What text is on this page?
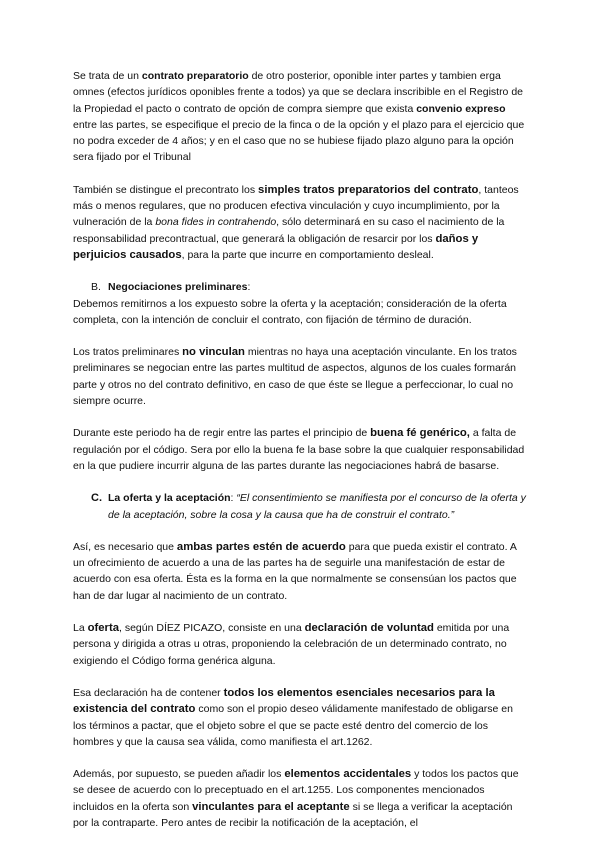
Se trata de un contrato preparatorio de otro posterior, oponible inter partes y tambien erga omnes (efectos jurídicos oponibles frente a todos) ya que se declara inscribible en el Registro de la Propiedad el pacto o contrato de opción de compra siempre que exista convenio expreso entre las partes, se especifique el precio de la finca o de la opción y el plazo para el ejercicio que no podra exceder de 4 años; y en el caso que no se hubiese fijado plazo alguno para la opción sera fijado por el Tribunal

También se distingue el precontrato los simples tratos preparatorios del contrato, tanteos más o menos regulares, que no producen efectiva vinculación y cuyo incumplimiento, por la vulneración de la bona fides in contrahendo, sólo determinará en su caso el nacimiento de la responsabilidad precontractual, que generará la obligación de resarcir por los daños y perjuicios causados, para la parte que incurre en comportamiento desleal.

B. Negociaciones preliminares:

Debemos remitirnos a los expuesto sobre la oferta y la aceptación; consideración de la oferta completa, con la intención de concluir el contrato, con fijación de término de duración.

Los tratos preliminares no vinculan mientras no haya una aceptación vinculante. En los tratos preliminares se negocian entre las partes multitud de aspectos, algunos de los cuales formarán parte y otros no del contrato definitivo, en caso de que éste se llegue a perfeccionar, lo cual no siempre ocurre.

Durante este periodo ha de regir entre las partes el principio de buena fé genérico, a falta de regulación por el código. Sera por ello la buena fe la base sobre la que cualquier responsabilidad en la que pudiere incurrir alguna de las partes durante las negociaciones habrá de basarse.

C. La oferta y la aceptación: “El consentimiento se manifiesta por el concurso de la oferta y de la aceptación, sobre la cosa y la causa que ha de construir el contrato.”

Así, es necesario que ambas partes estén de acuerdo para que pueda existir el contrato. A un ofrecimiento de acuerdo a una de las partes ha de seguirle una manifestación de estar de acuerdo con esa oferta. Ésta es la forma en la que normalmente se consensúan los pactos que han de dar lugar al nacimiento de un contrato.

La oferta, según DÍEZ PICAZO, consiste en una declaración de voluntad emitida por una persona y dirigida a otras u otras, proponiendo la celebración de un determinado contrato, no exigiendo el Código forma genérica alguna.

Esa declaración ha de contener todos los elementos esenciales necesarios para la existencia del contrato como son el propio deseo válidamente manifestado de obligarse en los términos a pactar, que el objeto sobre el que se pacte esté dentro del comercio de los hombres y que la causa sea válida, como manifiesta el art.1262.

Además, por supuesto, se pueden añadir los elementos accidentales y todos los pactos que se desee de acuerdo con lo preceptuado en el art.1255. Los componentes mencionados incluidos en la oferta son vinculantes para el aceptante si se llega a verificar la aceptación por la contraparte. Pero antes de recibir la notificación de la aceptación, el
